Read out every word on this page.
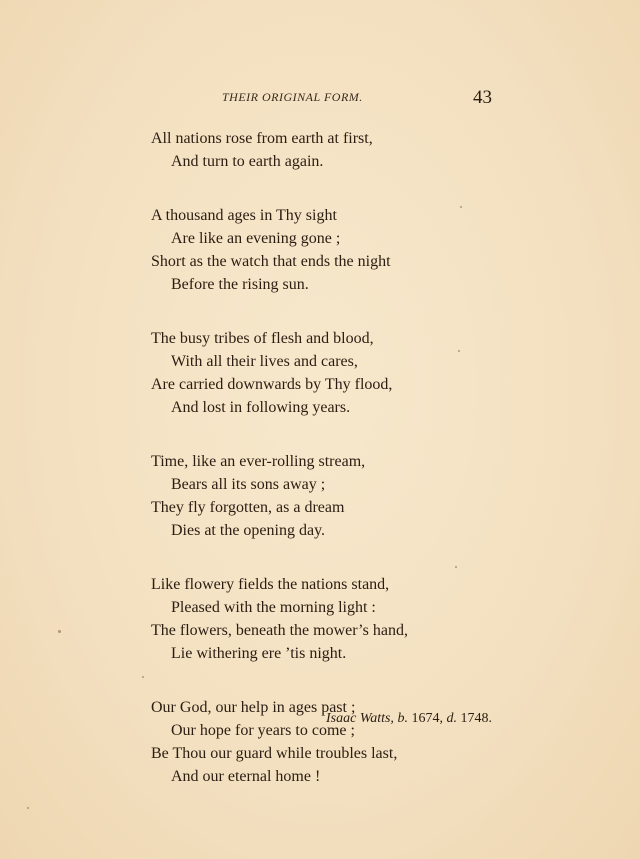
THEIR ORIGINAL FORM.	43
All nations rose from earth at first,
And turn to earth again.
A thousand ages in Thy sight
Are like an evening gone ;
Short as the watch that ends the night
Before the rising sun.
The busy tribes of flesh and blood,
With all their lives and cares,
Are carried downwards by Thy flood,
And lost in following years.
Time, like an ever-rolling stream,
Bears all its sons away ;
They fly forgotten, as a dream
Dies at the opening day.
Like flowery fields the nations stand,
Pleased with the morning light :
The flowers, beneath the mower’s hand,
Lie withering ere ’tis night.
Our God, our help in ages past ;
Our hope for years to come ;
Be Thou our guard while troubles last,
And our eternal home !
Isaac Watts, b. 1674, d. 1748.
